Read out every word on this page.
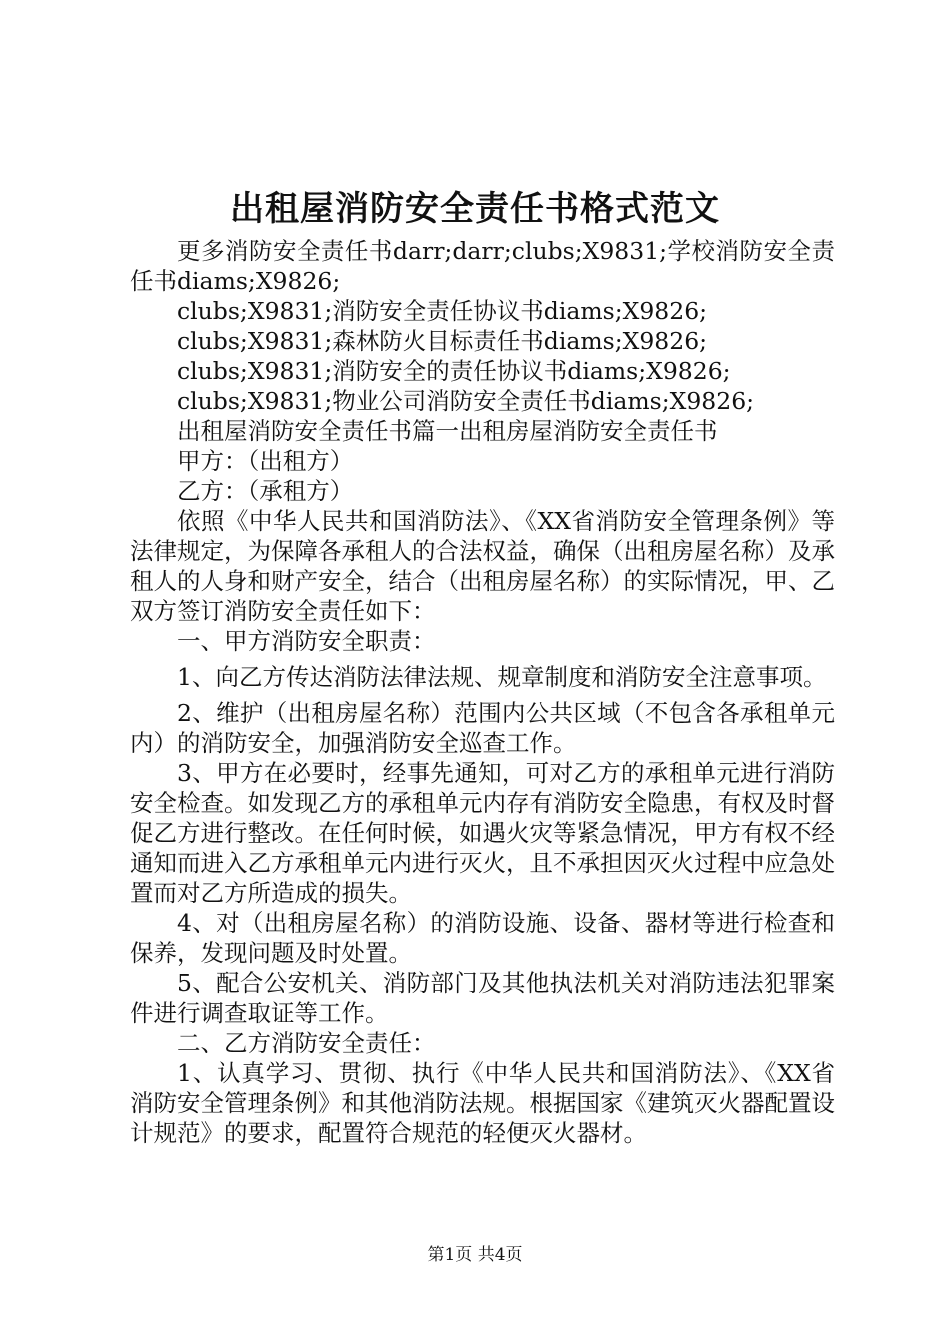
出租屋消防安全责任书格式范文

更多消防安全责任书darr;darr;clubs;X9831;学校消防安全责任书diams;X9826;

clubs;X9831;消防安全责任协议书diams;X9826;

clubs;X9831;森林防火目标责任书diams;X9826;

clubs;X9831;消防安全的责任协议书diams;X9826;

clubs;X9831;物业公司消防安全责任书diams;X9826;

出租屋消防安全责任书篇一出租房屋消防安全责任书

甲方：（出租方）

乙方：（承租方）

依照《中华人民共和国消防法》、《XX省消防安全管理条例》等法律规定，为保障各承租人的合法权益，确保（出租房屋名称）及承租人的人身和财产安全，结合（出租房屋名称）的实际情况，甲、乙双方签订消防安全责任如下：

一、甲方消防安全职责：

1、向乙方传达消防法律法规、规章制度和消防安全注意事项。

2、维护（出租房屋名称）范围内公共区域（不包含各承租单元内）的消防安全，加强消防安全巡查工作。

3、甲方在必要时，经事先通知，可对乙方的承租单元进行消防安全检查。如发现乙方的承租单元内存有消防安全隐患，有权及时督促乙方进行整改。在任何时候，如遇火灾等紧急情况，甲方有权不经通知而进入乙方承租单元内进行灭火，且不承担因灭火过程中应急处置而对乙方所造成的损失。

4、对（出租房屋名称）的消防设施、设备、器材等进行检查和保养，发现问题及时处置。

5、配合公安机关、消防部门及其他执法机关对消防违法犯罪案件进行调查取证等工作。

二、乙方消防安全责任：

1、认真学习、贯彻、执行《中华人民共和国消防法》、《XX省消防安全管理条例》和其他消防法规。根据国家《建筑灭火器配置设计规范》的要求，配置符合规范的轻便灭火器材。

第1页 共4页
